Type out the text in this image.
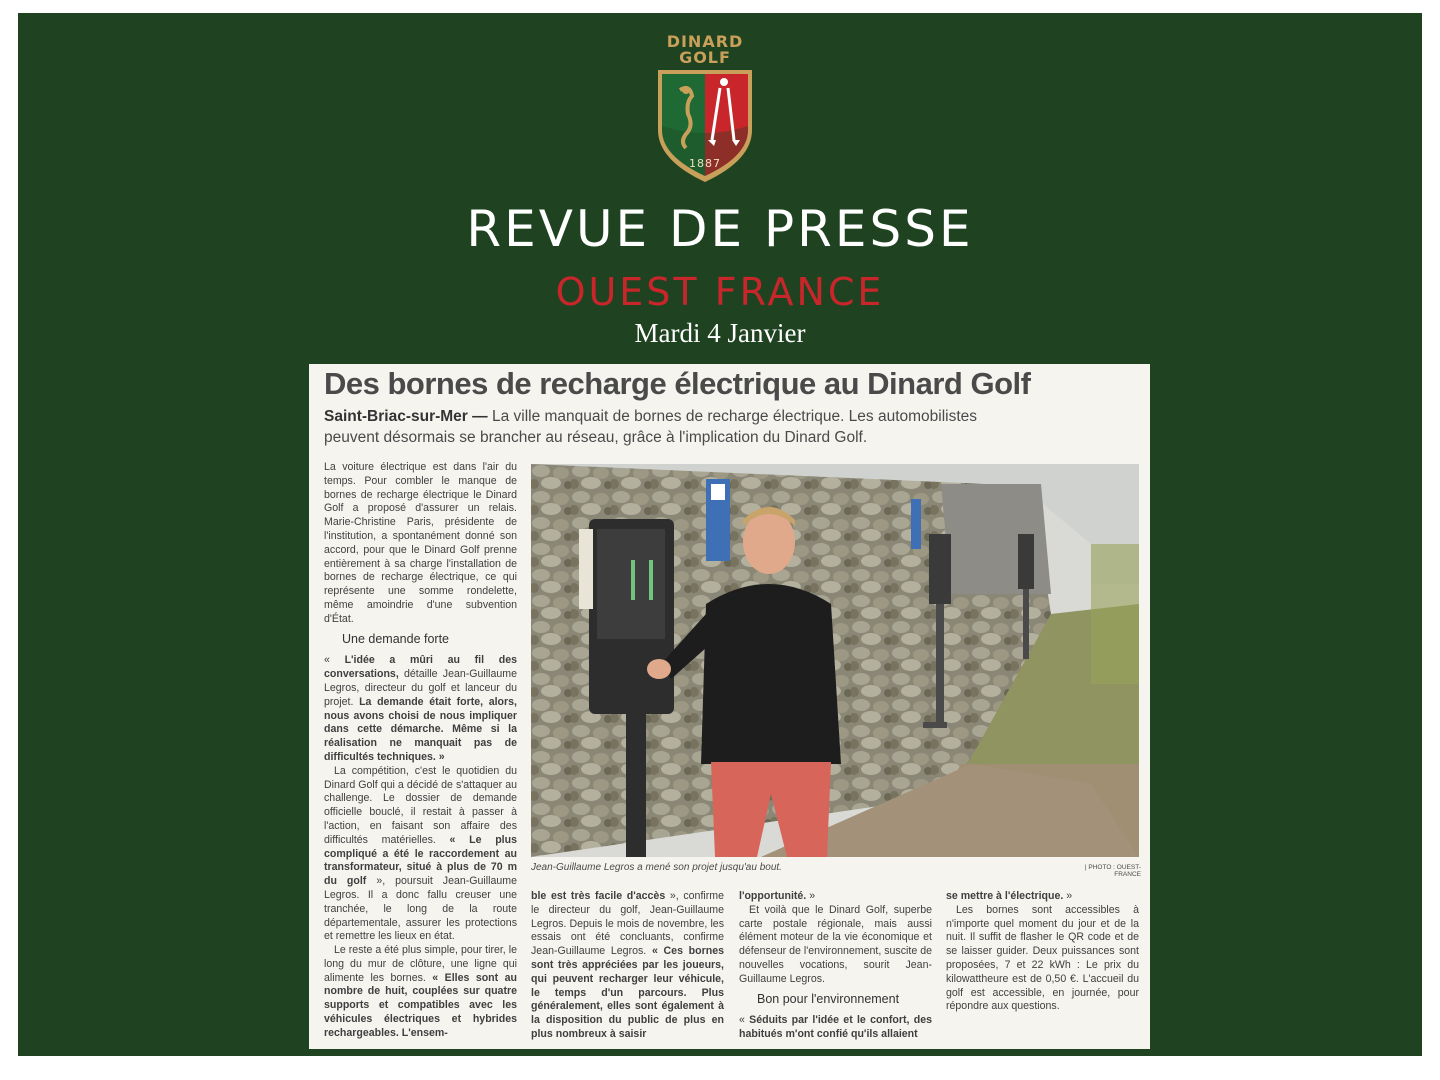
DINARD
GOLF
1887
REVUE DE PRESSE
OUEST FRANCE
Mardi 4 Janvier
Des bornes de recharge électrique au Dinard Golf
Saint-Briac-sur-Mer — La ville manquait de bornes de recharge électrique. Les automobilistes peuvent désormais se brancher au réseau, grâce à l'implication du Dinard Golf.

La voiture électrique est dans l'air du temps. Pour combler le manque de bornes de recharge électrique le Dinard Golf a proposé d'assurer un relais. Marie-Christine Paris, présidente de l'institution, a spontanément donné son accord, pour que le Dinard Golf prenne entièrement à sa charge l'installation de bornes de recharge électrique, ce qui représente une somme rondelette, même amoindrie d'une subvention d'État.

Une demande forte

« L'idée a mûri au fil des conversations, détaille Jean-Guillaume Legros, directeur du golf et lanceur du projet. La demande était forte, alors, nous avons choisi de nous impliquer dans cette démarche. Même si la réalisation ne manquait pas de difficultés techniques. »

La compétition, c'est le quotidien du Dinard Golf qui a décidé de s'attaquer au challenge. Le dossier de demande officielle bouclé, il restait à passer à l'action, en faisant son affaire des difficultés matérielles. « Le plus compliqué a été le raccordement au transformateur, situé à plus de 70 m du golf », poursuit Jean-Guillaume Legros. Il a donc fallu creuser une tranchée, le long de la route départementale, assurer les protections et remettre les lieux en état.

Le reste a été plus simple, pour tirer, le long du mur de clôture, une ligne qui alimente les bornes. « Elles sont au nombre de huit, couplées sur quatre supports et compatibles avec les véhicules électriques et hybrides rechargeables. L'ensem-

Jean-Guillaume Legros a mené son projet jusqu'au bout.	| PHOTO : OUEST-FRANCE

ble est très facile d'accès », confirme le directeur du golf, Jean-Guillaume Legros. Depuis le mois de novembre, les essais ont été concluants, confirme Jean-Guillaume Legros. « Ces bornes sont très appréciées par les joueurs, qui peuvent recharger leur véhicule, le temps d'un parcours. Plus généralement, elles sont également à la disposition du public de plus en plus nombreux à saisir

l'opportunité. »

Et voilà que le Dinard Golf, superbe carte postale régionale, mais aussi élément moteur de la vie économique et défenseur de l'environnement, suscite de nouvelles vocations, sourit Jean-Guillaume Legros.

Bon pour l'environnement

« Séduits par l'idée et le confort, des habitués m'ont confié qu'ils allaient

se mettre à l'électrique. »

Les bornes sont accessibles à n'importe quel moment du jour et de la nuit. Il suffit de flasher le QR code et de se laisser guider. Deux puissances sont proposées, 7 et 22 kWh : Le prix du kilowattheure est de 0,50 €. L'accueil du golf est accessible, en journée, pour répondre aux questions.
